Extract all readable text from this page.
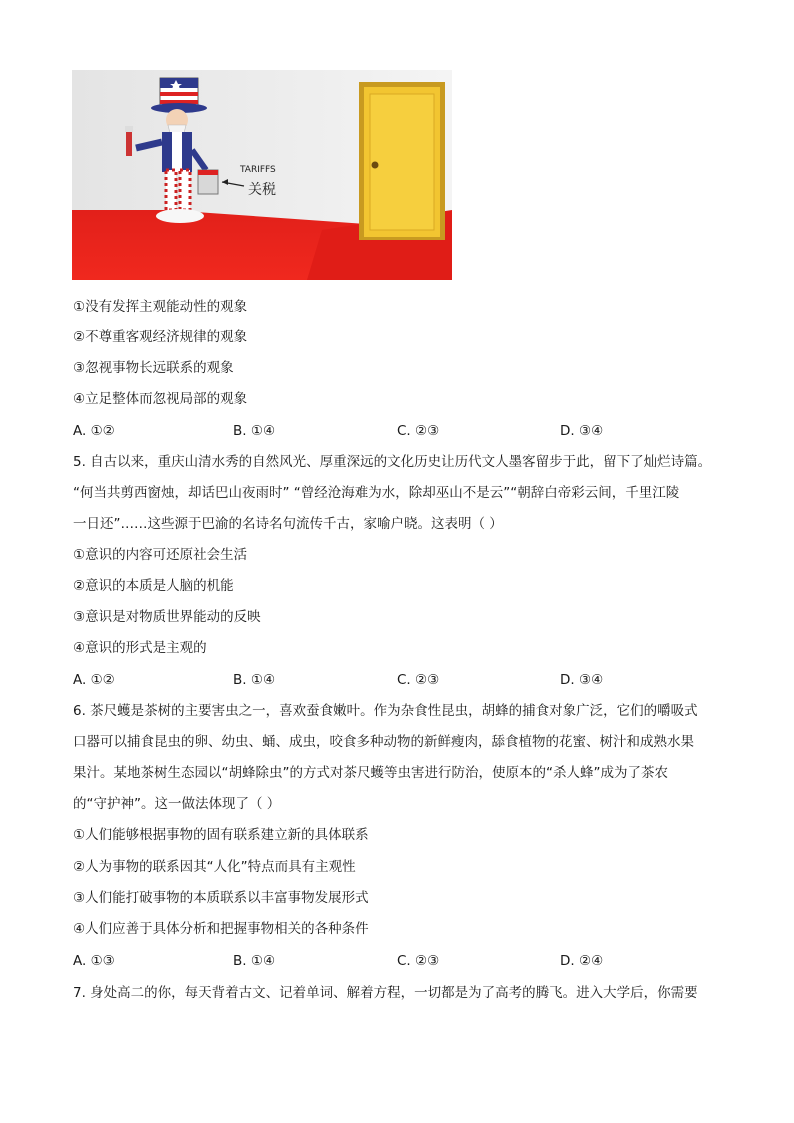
TARIFFS
关税
①没有发挥主观能动性的观象
②不尊重客观经济规律的观象
③忽视事物长远联系的观象
④立足整体而忽视局部的观象
A. ①②	B. ①④	C. ②③	D. ③④
5. 自古以来，重庆山清水秀的自然风光、厚重深远的文化历史让历代文人墨客留步于此，留下了灿烂诗篇。
“何当共剪西窗烛，却话巴山夜雨时” “曾经沧海难为水，除却巫山不是云”“朝辞白帝彩云间，千里江陵
一日还”……这些源于巴渝的名诗名句流传千古，家喻户晓。这表明（ ）
①意识的内容可还原社会生活
②意识的本质是人脑的机能
③意识是对物质世界能动的反映
④意识的形式是主观的
A. ①②	B. ①④	C. ②③	D. ③④
6. 茶尺蠖是茶树的主要害虫之一，喜欢蚕食嫩叶。作为杂食性昆虫，胡蜂的捕食对象广泛，它们的嚼吸式
口器可以捕食昆虫的卵、幼虫、蛹、成虫，咬食多种动物的新鲜瘦肉，舔食植物的花蜜、树汁和成熟水果
果汁。某地茶树生态园以“胡蜂除虫”的方式对茶尺蠖等虫害进行防治，使原本的“杀人蜂”成为了茶农
的“守护神”。这一做法体现了（ ）
①人们能够根据事物的固有联系建立新的具体联系
②人为事物的联系因其“人化”特点而具有主观性
③人们能打破事物的本质联系以丰富事物发展形式
④人们应善于具体分析和把握事物相关的各种条件
A. ①③	B. ①④	C. ②③	D. ②④
7. 身处高二的你，每天背着古文、记着单词、解着方程，一切都是为了高考的腾飞。进入大学后，你需要
